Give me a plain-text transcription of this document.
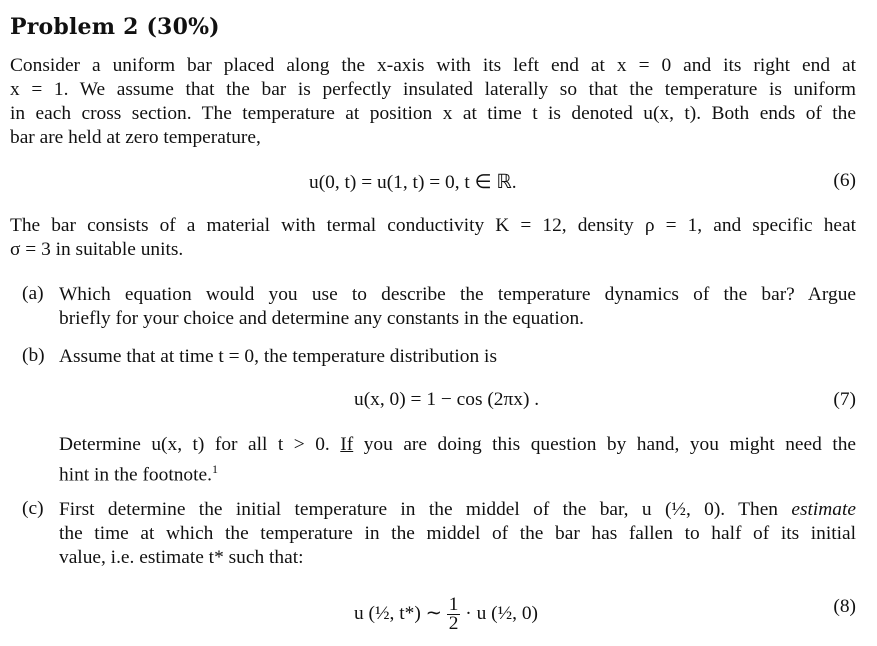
Problem 2 (30%)
Consider a uniform bar placed along the x-axis with its left end at x = 0 and its right end at
x = 1. We assume that the bar is perfectly insulated laterally so that the temperature is uniform
in each cross section. The temperature at position x at time t is denoted u(x, t). Both ends of the
bar are held at zero temperature,
u(0, t) = u(1, t) = 0, t ∈ ℝ.	(6)
The bar consists of a material with termal conductivity K = 12, density ρ = 1, and specific heat
σ = 3 in suitable units.
(a) Which equation would you use to describe the temperature dynamics of the bar? Argue
briefly for your choice and determine any constants in the equation.
(b) Assume that at time t = 0, the temperature distribution is
u(x, 0) = 1 − cos (2πx) .	(7)
Determine u(x, t) for all t > 0. If you are doing this question by hand, you might need the
hint in the footnote.$^1$
(c) First determine the initial temperature in the middel of the bar, u (½, 0). Then estimate
the time at which the temperature in the middel of the bar has fallen to half of its initial
value, i.e. estimate t* such that:
u (½, t*) ∼ $\frac{1}{2} \cdot u$ (½, 0)	(8)
